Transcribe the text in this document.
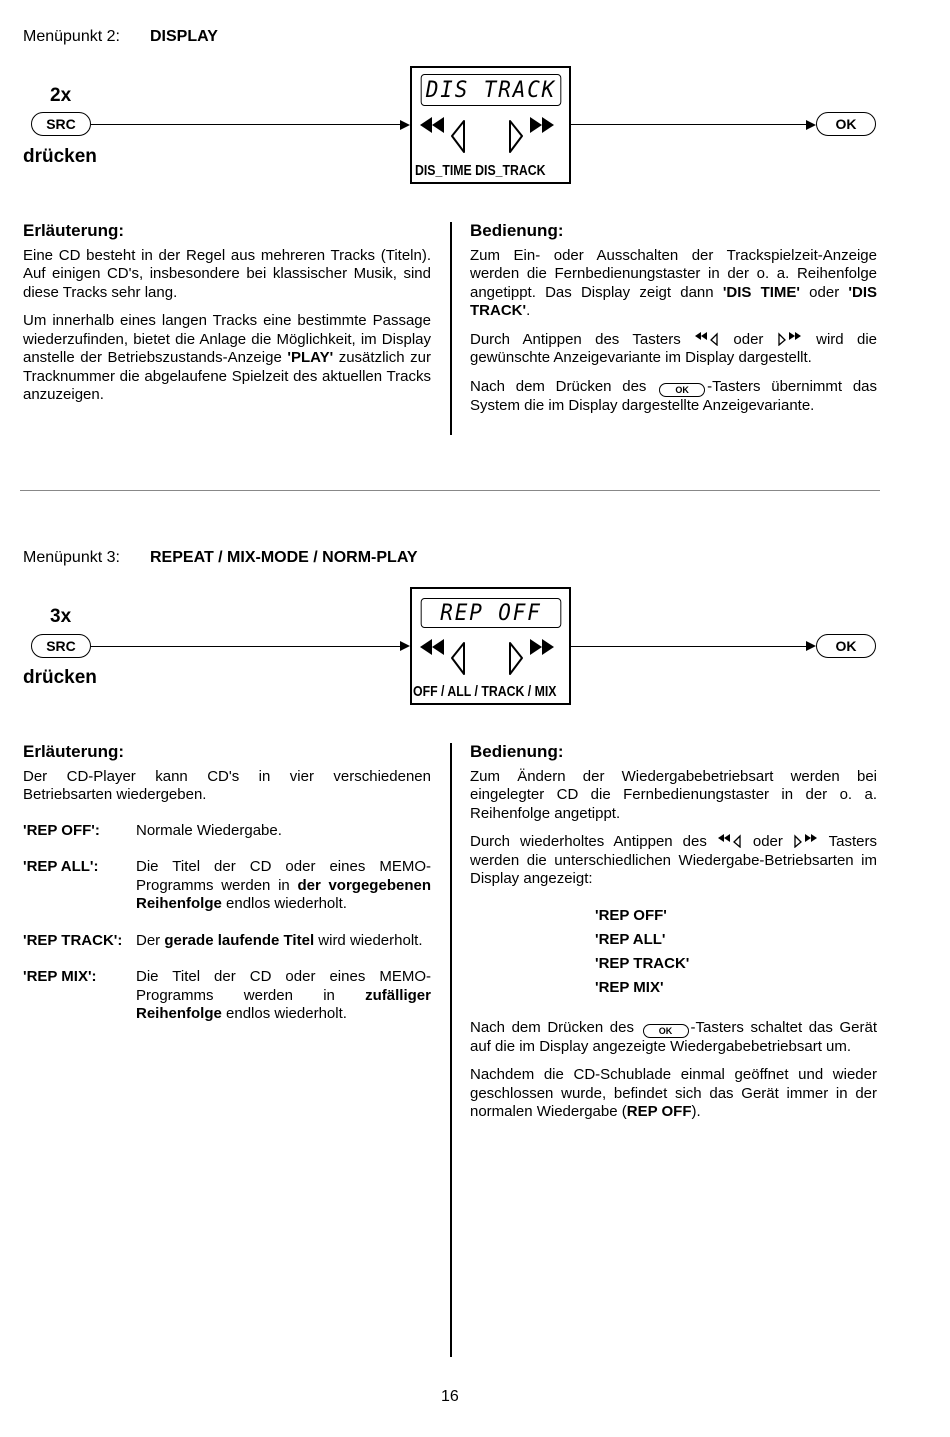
Menüpunkt 2: DISPLAY
2x
SRC
drücken
DIS TRACK
DIS_TIME DIS_TRACK
OK

Erläuterung:

Eine CD besteht in der Regel aus mehreren Tracks (Titeln). Auf einigen CD's, insbesondere bei klassischer Musik, sind diese Tracks sehr lang.

Um innerhalb eines langen Tracks eine bestimmte Passage wiederzufinden, bietet die Anlage die Möglichkeit, im Display anstelle der Betriebszustands-Anzeige 'PLAY' zusätzlich zur Tracknummer die abgelaufene Spielzeit des aktuellen Tracks anzuzeigen.

Bedienung:

Zum Ein- oder Ausschalten der Trackspielzeit-Anzeige werden die Fernbedienungstaster in der o. a. Reihenfolge angetippt. Das Display zeigt dann 'DIS TIME' oder 'DIS TRACK'.

Durch Antippen des Tasters  oder  wird die gewünschte Anzeigevariante im Display dargestellt.

Nach dem Drücken des OK -Tasters übernimmt das System die im Display dargestellte Anzeigevariante.

Menüpunkt 3: REPEAT / MIX-MODE / NORM-PLAY
3x
SRC
drücken
REP OFF
OFF / ALL / TRACK / MIX
OK

Erläuterung:

Der CD-Player kann CD's in vier verschiedenen Betriebsarten wiedergeben.

'REP OFF':	Normale Wiedergabe.
'REP ALL':	Die Titel der CD oder eines MEMO-Programms werden in der vorgegebenen Reihenfolge endlos wiederholt.
'REP TRACK': Der gerade laufende Titel wird wiederholt.
'REP MIX':	Die Titel der CD oder eines MEMO-Programms werden in zufälliger Reihenfolge endlos wiederholt.

Bedienung:

Zum Ändern der Wiedergabebetriebsart werden bei eingelegter CD die Fernbedienungstaster in der o. a. Reihenfolge angetippt.

Durch wiederholtes Antippen des  oder  Tasters werden die unterschiedlichen Wiedergabe-Betriebsarten im Display angezeigt:

'REP OFF'
'REP ALL'
'REP TRACK'
'REP MIX'

Nach dem Drücken des OK -Tasters schaltet das Gerät auf die im Display angezeigte Wiedergabebetriebsart um.

Nachdem die CD-Schublade einmal geöffnet und wieder geschlossen wurde, befindet sich das Gerät immer in der normalen Wiedergabe (REP OFF).

16
